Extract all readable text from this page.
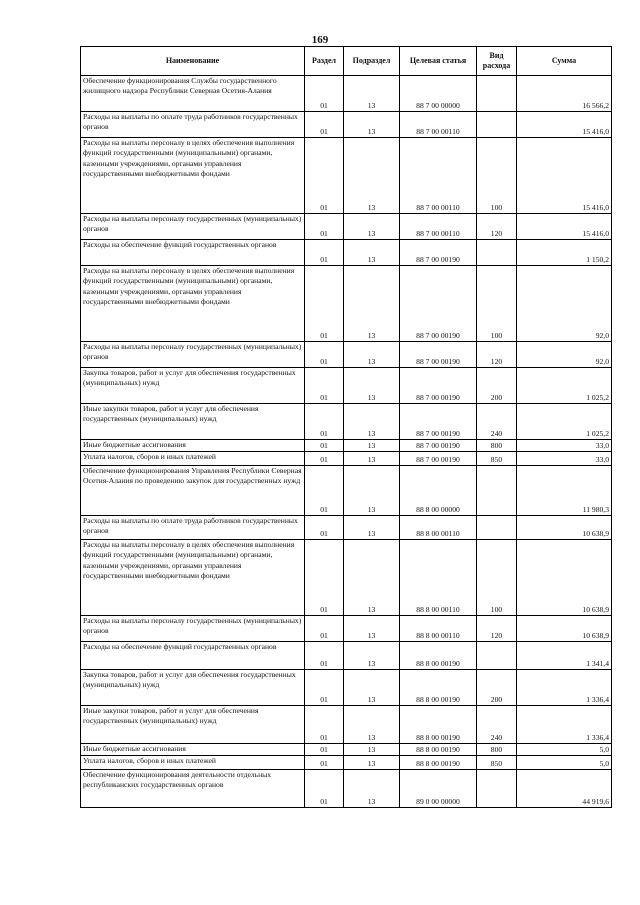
169
Наименование	Раздел	Подраздел	Целевая статья	Вид расхода	Сумма
Обеспечение функционирования Службы государственного жилищного надзора Республики Северная Осетия-Алания	01	13	88 7 00 00000		16 566,2
Расходы на выплаты по оплате труда работников государственных органов	01	13	88 7 00 00110		15 416,0
Расходы на выплаты персоналу в целях обеспечения выполнения функций государственными (муниципальными) органами, казенными учреждениями, органами управления государственными внебюджетными фондами	01	13	88 7 00 00110	100	15 416,0
Расходы на выплаты персоналу государственных (муниципальных) органов	01	13	88 7 00 00110	120	15 416,0
Расходы на обеспечение функций государственных органов	01	13	88 7 00 00190		1 150,2
Расходы на выплаты персоналу в целях обеспечения выполнения функций государственными (муниципальными) органами, казенными учреждениями, органами управления государственными внебюджетными фондами	01	13	88 7 00 00190	100	92,0
Расходы на выплаты персоналу государственных (муниципальных) органов	01	13	88 7 00 00190	120	92,0
Закупка товаров, работ и услуг для обеспечения государственных (муниципальных) нужд	01	13	88 7 00 00190	200	1 025,2
Иные закупки товаров, работ и услуг для обеспечения государственных (муниципальных) нужд	01	13	88 7 00 00190	240	1 025,2
Иные бюджетные ассигнования	01	13	88 7 00 00190	800	33,0
Уплата налогов, сборов и иных платежей	01	13	88 7 00 00190	850	33,0
Обеспечение функционирования Управления Республики Северная Осетия-Алания по проведению закупок для государственных нужд	01	13	88 8 00 00000		11 980,3
Расходы на выплаты по оплате труда работников государственных органов	01	13	88 8 00 00110		10 638,9
Расходы на выплаты персоналу в целях обеспечения выполнения функций государственными (муниципальными) органами, казенными учреждениями, органами управления государственными внебюджетными фондами	01	13	88 8 00 00110	100	10 638,9
Расходы на выплаты персоналу государственных (муниципальных) органов	01	13	88 8 00 00110	120	10 638,9
Расходы на обеспечение функций государственных органов	01	13	88 8 00 00190		1 341,4
Закупка товаров, работ и услуг для обеспечения государственных (муниципальных) нужд	01	13	88 8 00 00190	200	1 336,4
Иные закупки товаров, работ и услуг для обеспечения государственных (муниципальных) нужд	01	13	88 8 00 00190	240	1 336,4
Иные бюджетные ассигнования	01	13	88 8 00 00190	800	5,0
Уплата налогов, сборов и иных платежей	01	13	88 8 00 00190	850	5,0
Обеспечение функционирования деятельности отдельных республиканских государственных органов	01	13	89 0 00 00000		44 919,6
